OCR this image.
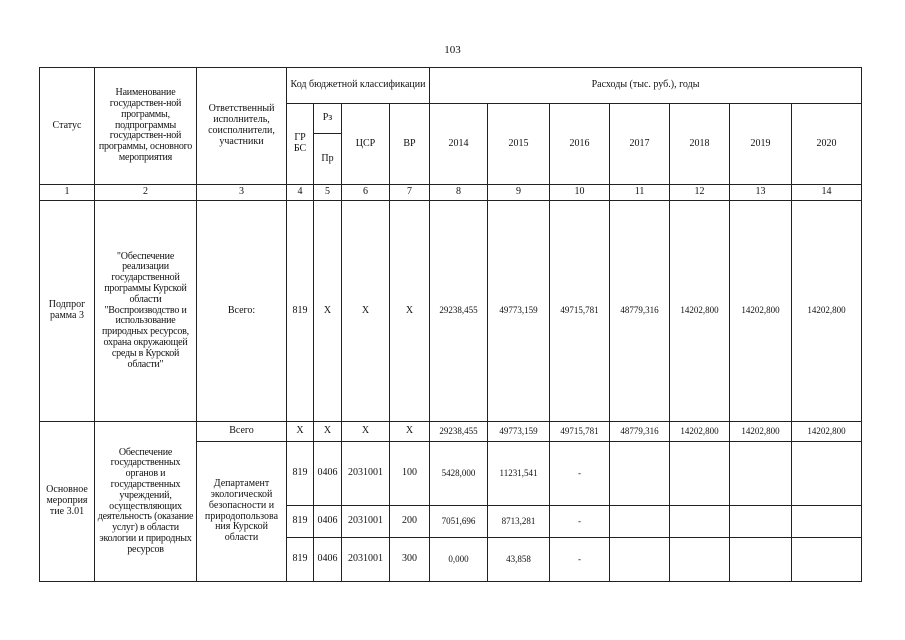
103
Статус	Наименование государствен-ной программы, подпрограммы государствен-ной программы, основного мероприятия	Ответственный исполнитель, соисполнители, участники	Код бюджетной классификации				Расходы (тыс. руб.), годы						
			ГР БС	Рз	ЦСР	ВР	2014	2015	2016	2017	2018	2019	2020
				Пр									
1	2	3	4	5	6	7	8	9	10	11	12	13	14
Подпрог рамма 3	"Обеспечение реализации государственной программы Курской области "Воспроизводство и использование природных ресурсов, охрана окружающей среды в Курской области"	Всего:	819	Х	Х	Х	29238,455	49773,159	49715,781	48779,316	14202,800	14202,800	14202,800
Основное мероприя тие 3.01	Обеспечение государственных органов и государственных учреждений, осуществляющих деятельность (оказание услуг) в области экологии и природных ресурсов	Всего	Х	Х	Х	Х	29238,455	49773,159	49715,781	48779,316	14202,800	14202,800	14202,800
		Департамент экологической безопасности и природопользова ния Курской области	819	0406	2031001	100	5428,000	11231,541	-				
			819	0406	2031001	200	7051,696	8713,281	-				
			819	0406	2031001	300	0,000	43,858	-				
